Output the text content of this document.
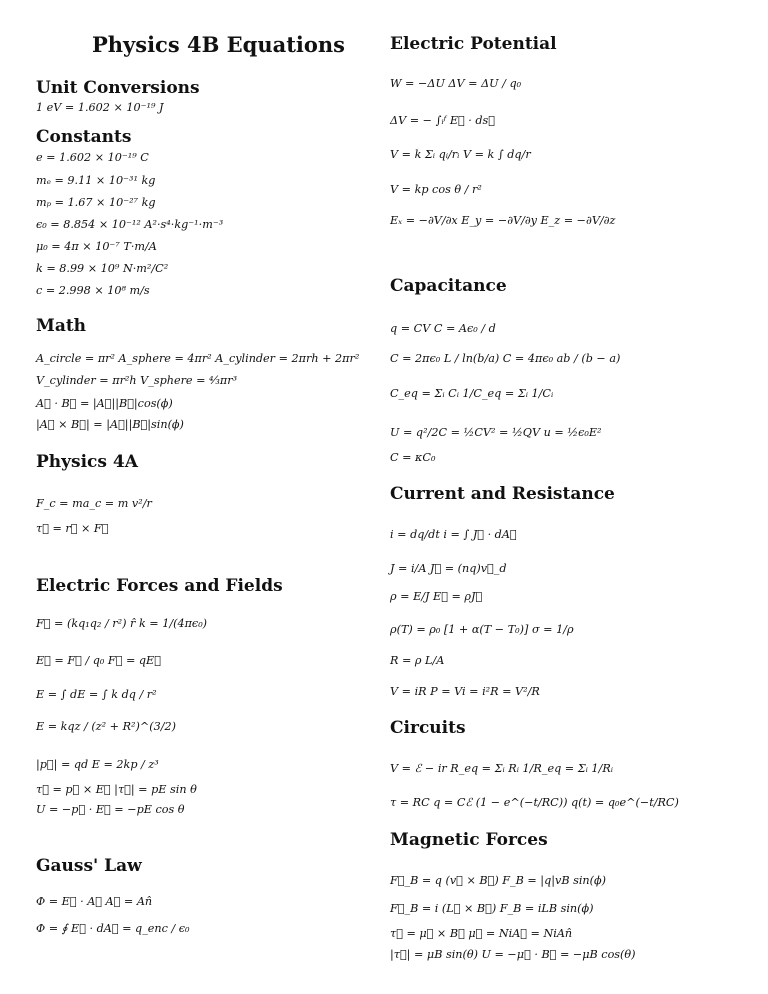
Physics 4B Equations
Unit Conversions
1 eV = 1.602 × 10⁻¹⁹ J
Constants
e = 1.602 × 10⁻¹⁹ C
mₑ = 9.11 × 10⁻³¹ kg
mₚ = 1.67 × 10⁻²⁷ kg
ϵ₀ = 8.854 × 10⁻¹² A²·s⁴·kg⁻¹·m⁻³
μ₀ = 4π × 10⁻⁷ T·m/A
k = 8.99 × 10⁹ N·m²/C²
c = 2.998 × 10⁸ m/s
Math
A_circle = πr² A_sphere = 4πr² A_cylinder = 2πrh + 2πr²
V_cylinder = πr²h V_sphere = ⁴⁄₃πr³
A⃗ · B⃗ = |A⃗||B⃗|cos(ϕ)
|A⃗ × B⃗| = |A⃗||B⃗|sin(ϕ)
Physics 4A
F_c = ma_c = m v²/r
τ⃗ = r⃗ × F⃗
Electric Forces and Fields
F⃗ = (kq₁q₂ / r²) r̂ k = 1/(4πϵ₀)
E⃗ = F⃗ / q₀ F⃗ = qE⃗
E = ∫ dE = ∫ k dq / r²
E = kqz / (z² + R²)^(3/2)
|p⃗| = qd E = 2kp / z³
τ⃗ = p⃗ × E⃗ |τ⃗| = pE sin θ
U = −p⃗ · E⃗ = −pE cos θ
Gauss' Law
Φ = E⃗ · A⃗ A⃗ = An̂
Φ = ∮ E⃗ · dA⃗ = q_enc / ϵ₀
Electric Potential
W = −ΔU ΔV = ΔU / q₀
ΔV = − ∫ᵢᶠ E⃗ · ds⃗
V = k Σᵢ qᵢ/rᵢ V = k ∫ dq/r
V = kp cos θ / r²
Eₓ = −∂V/∂x E_y = −∂V/∂y E_z = −∂V/∂z
Capacitance
q = CV C = Aϵ₀ / d
C = 2πϵ₀ L / ln(b/a) C = 4πϵ₀ ab / (b − a)
C_eq = Σᵢ Cᵢ 1/C_eq = Σᵢ 1/Cᵢ
U = q²/2C = ½CV² = ½QV u = ½ϵ₀E²
C = κC₀
Current and Resistance
i = dq/dt i = ∫ J⃗ · dA⃗
J = i/A J⃗ = (nq)v⃗_d
ρ = E/J E⃗ = ρJ⃗
ρ(T) = ρ₀ [1 + α(T − T₀)] σ = 1/ρ
R = ρ L/A
V = iR P = Vi = i²R = V²/R
Circuits
V = ℰ − ir R_eq = Σᵢ Rᵢ 1/R_eq = Σᵢ 1/Rᵢ
τ = RC q = Cℰ (1 − e^(−t/RC)) q(t) = q₀e^(−t/RC)
Magnetic Forces
F⃗_B = q (v⃗ × B⃗) F_B = |q|vB sin(ϕ)
F⃗_B = i (L⃗ × B⃗) F_B = iLB sin(ϕ)
τ⃗ = μ⃗ × B⃗ μ⃗ = NiA⃗ = NiAn̂
|τ⃗| = μB sin(θ) U = −μ⃗ · B⃗ = −μB cos(θ)
